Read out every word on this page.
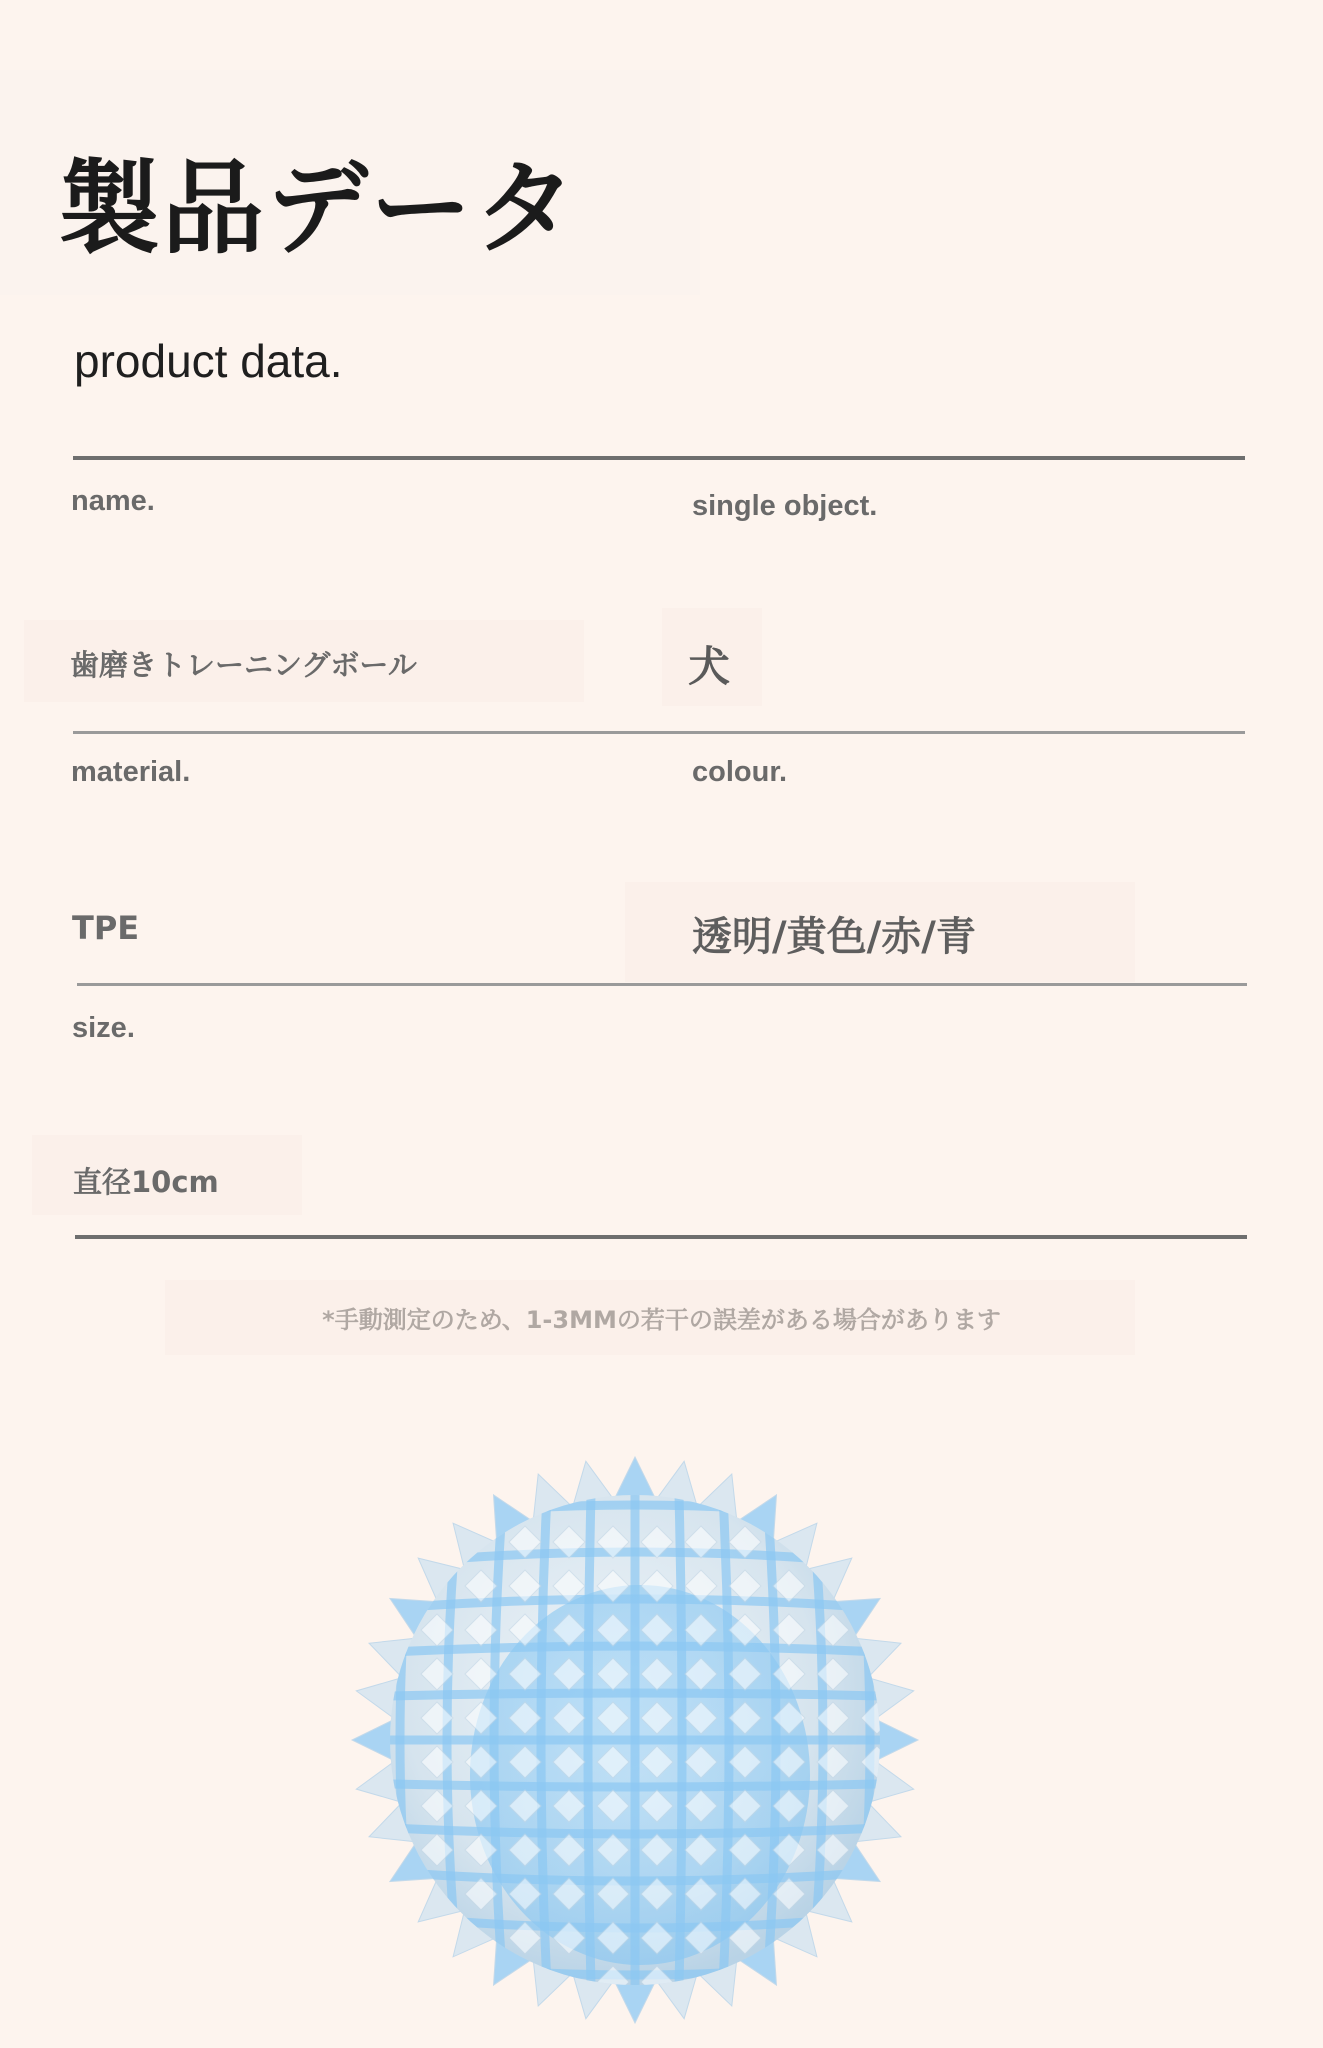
製品データ
product data.
name.	single object.
歯磨きトレーニングボール	犬
material.	colour.
TPE	透明/黄色/赤/青
size.
直径10cm
*手動測定のため、1-3MMの若干の誤差がある場合があります
